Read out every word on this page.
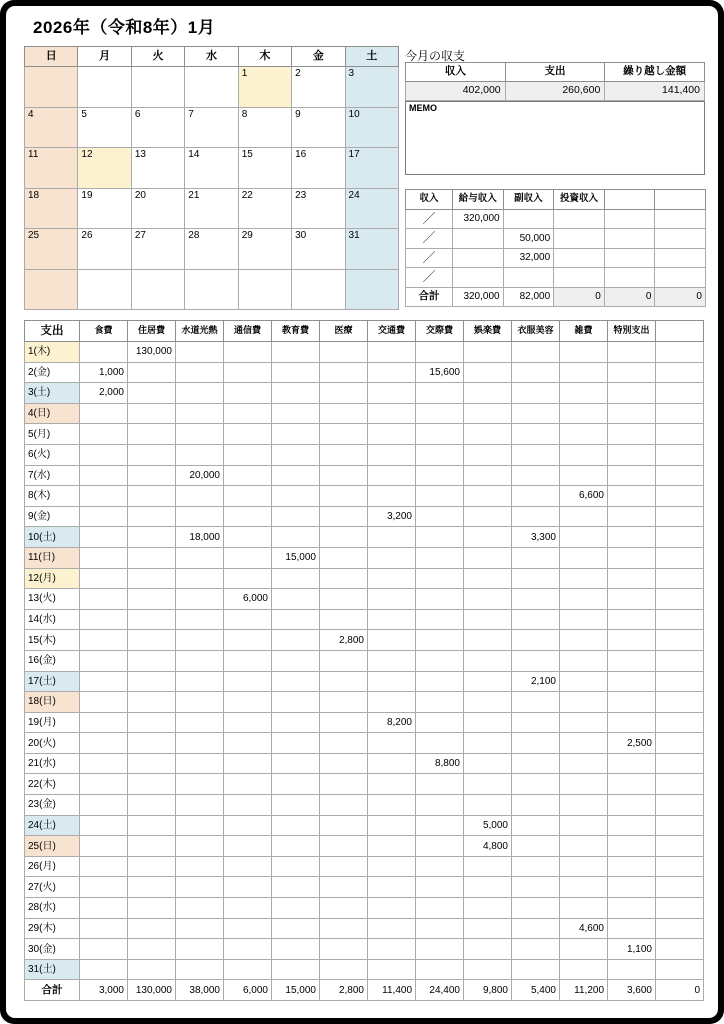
2026年（令和8年）1月
日	月	火	水	木	金	土
				1	2	3
4	5	6	7	8	9	10
11	12	13	14	15	16	17
18	19	20	21	22	23	24
25	26	27	28	29	30	31

今月の収支
収入	支出	繰り越し金額
402,000	260,600	141,400
MEMO
収入	給与収入	副収入	投資収入		
／	320,000				
／		50,000			
／		32,000			
／					
合計	320,000	82,000	0	0	0
支出	食費	住居費	水道光熱	通信費	教育費	医療	交通費	交際費	娯楽費	衣服美容	雑費	特別支出	
1(木)		130,000											
2(金)	1,000							15,600					
3(土)	2,000												
4(日)													
5(月)													
6(火)													
7(水)			20,000										
8(木)											6,600		
9(金)							3,200						
10(土)			18,000							3,300			
11(日)					15,000								
12(月)													
13(火)				6,000									
14(水)													
15(木)						2,800							
16(金)													
17(土)										2,100			
18(日)													
19(月)							8,200						
20(火)												2,500	
21(水)								8,800					
22(木)													
23(金)													
24(土)									5,000				
25(日)									4,800				
26(月)													
27(火)													
28(水)													
29(木)											4,600		
30(金)												1,100	
31(土)													
合計	3,000	130,000	38,000	6,000	15,000	2,800	11,400	24,400	9,800	5,400	11,200	3,600	0
